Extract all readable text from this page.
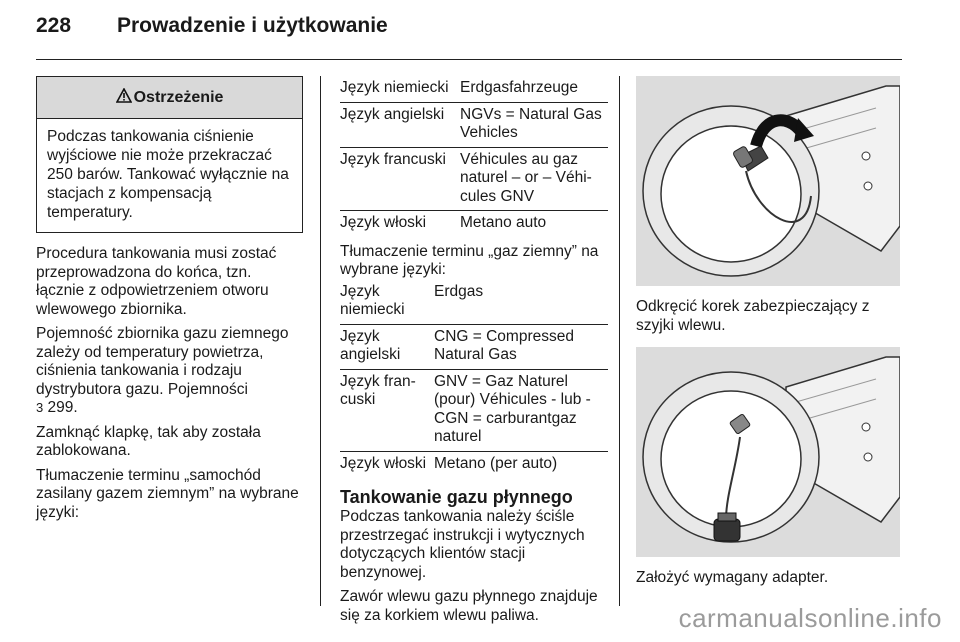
228 Prowadzenie i użytkowanie
Ostrzeżenie
Podczas tankowania ciśnienie wyjściowe nie może przekraczać 250 barów. Tankować wyłącznie na stacjach z kompensacją temperatury.

Procedura tankowania musi zostać przeprowadzona do końca, tzn. łącznie z odpowietrzeniem otworu wlewowego zbiornika.

Pojemność zbiornika gazu ziemnego zależy od temperatury powietrza, ciśnienia tankowania i rodzaju dystrybutora gazu. Pojemności
3 299.

Zamknąć klapkę, tak aby została zablokowana.

Tłumaczenie terminu „samochód zasilany gazem ziemnym” na wybrane języki:

Język niemiecki	Erdgasfahrzeuge
Język angielski	NGVs = Natural Gas Vehicles
Język francuski	Véhicules au gaz naturel – or – Véhi-cules GNV
Język włoski	Metano auto

Tłumaczenie terminu „gaz ziemny” na wybrane języki:

Język niemiecki	Erdgas
Język angielski	CNG = Compressed Natural Gas
Język fran-cuski	GNV = Gaz Naturel (pour) Véhicules - lub - CGN = carburantgaz naturel
Język włoski	Metano (per auto)
Tankowanie gazu płynnego

Podczas tankowania należy ściśle przestrzegać instrukcji i wytycznych dotyczących klientów stacji benzynowej.

Zawór wlewu gazu płynnego znajduje się za korkiem wlewu paliwa.

Odkręcić korek zabezpieczający z szyjki wlewu.

Założyć wymagany adapter.

carmanualsonline.info
